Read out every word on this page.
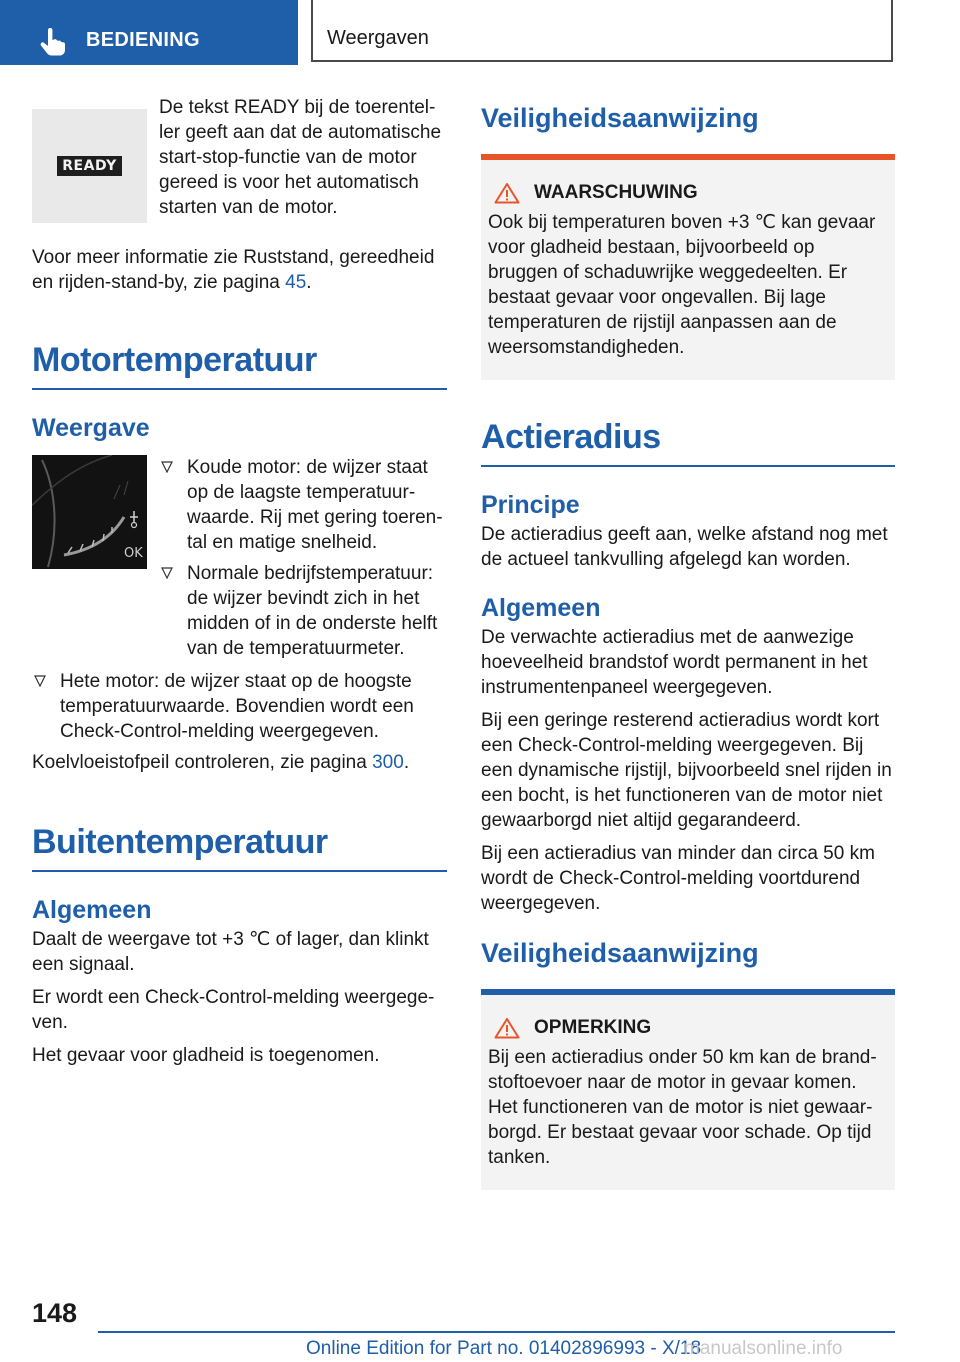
BEDIENING	Weergaven
READY

De tekst READY bij de toerenteller geeft aan dat de automatische start-stop-functie van de motor gereed is voor het automatisch starten van de motor.

Voor meer informatie zie Ruststand, gereedheid en rijden-stand-by, zie pagina 45.

Motortemperatuur
Weergave
OK
Koude motor: de wijzer staat op de laagste temperatuurwaarde. Rij met gering toerental en matige snelheid.
Normale bedrijfstemperatuur: de wijzer bevindt zich in het midden of in de onderste helft van de temperatuurmeter.
Hete motor: de wijzer staat op de hoogste temperatuurwaarde. Bovendien wordt een Check-Control-melding weergegeven.

Koelvloeistofpeil controleren, zie pagina 300.

Buitentemperatuur
Algemeen

Daalt de weergave tot +3 ℃ of lager, dan klinkt een signaal.

Er wordt een Check-Control-melding weergegeven.

Het gevaar voor gladheid is toegenomen.

Veiligheidsaanwijzing
WAARSCHUWING

Ook bij temperaturen boven +3 ℃ kan gevaar voor gladheid bestaan, bijvoorbeeld op bruggen of schaduwrijke weggedeelten. Er bestaat gevaar voor ongevallen. Bij lage temperaturen de rijstijl aanpassen aan de weersomstandigheden.

Actieradius
Principe

De actieradius geeft aan, welke afstand nog met de actueel tankvulling afgelegd kan worden.

Algemeen

De verwachte actieradius met de aanwezige hoeveelheid brandstof wordt permanent in het instrumentenpaneel weergegeven.

Bij een geringe resterend actieradius wordt kort een Check-Control-melding weergegeven. Bij een dynamische rijstijl, bijvoorbeeld snel rijden in een bocht, is het functioneren van de motor niet gewaarborgd niet altijd gegarandeerd.

Bij een actieradius van minder dan circa 50 km wordt de Check-Control-melding voortdurend weergegeven.

Veiligheidsaanwijzing
OPMERKING

Bij een actieradius onder 50 km kan de brandstoftoevoer naar de motor in gevaar komen. Het functioneren van de motor is niet gewaarborgd. Er bestaat gevaar voor schade. Op tijd tanken.

148
Online Edition for Part no. 01402896993 - X/18
manualsonline.info
